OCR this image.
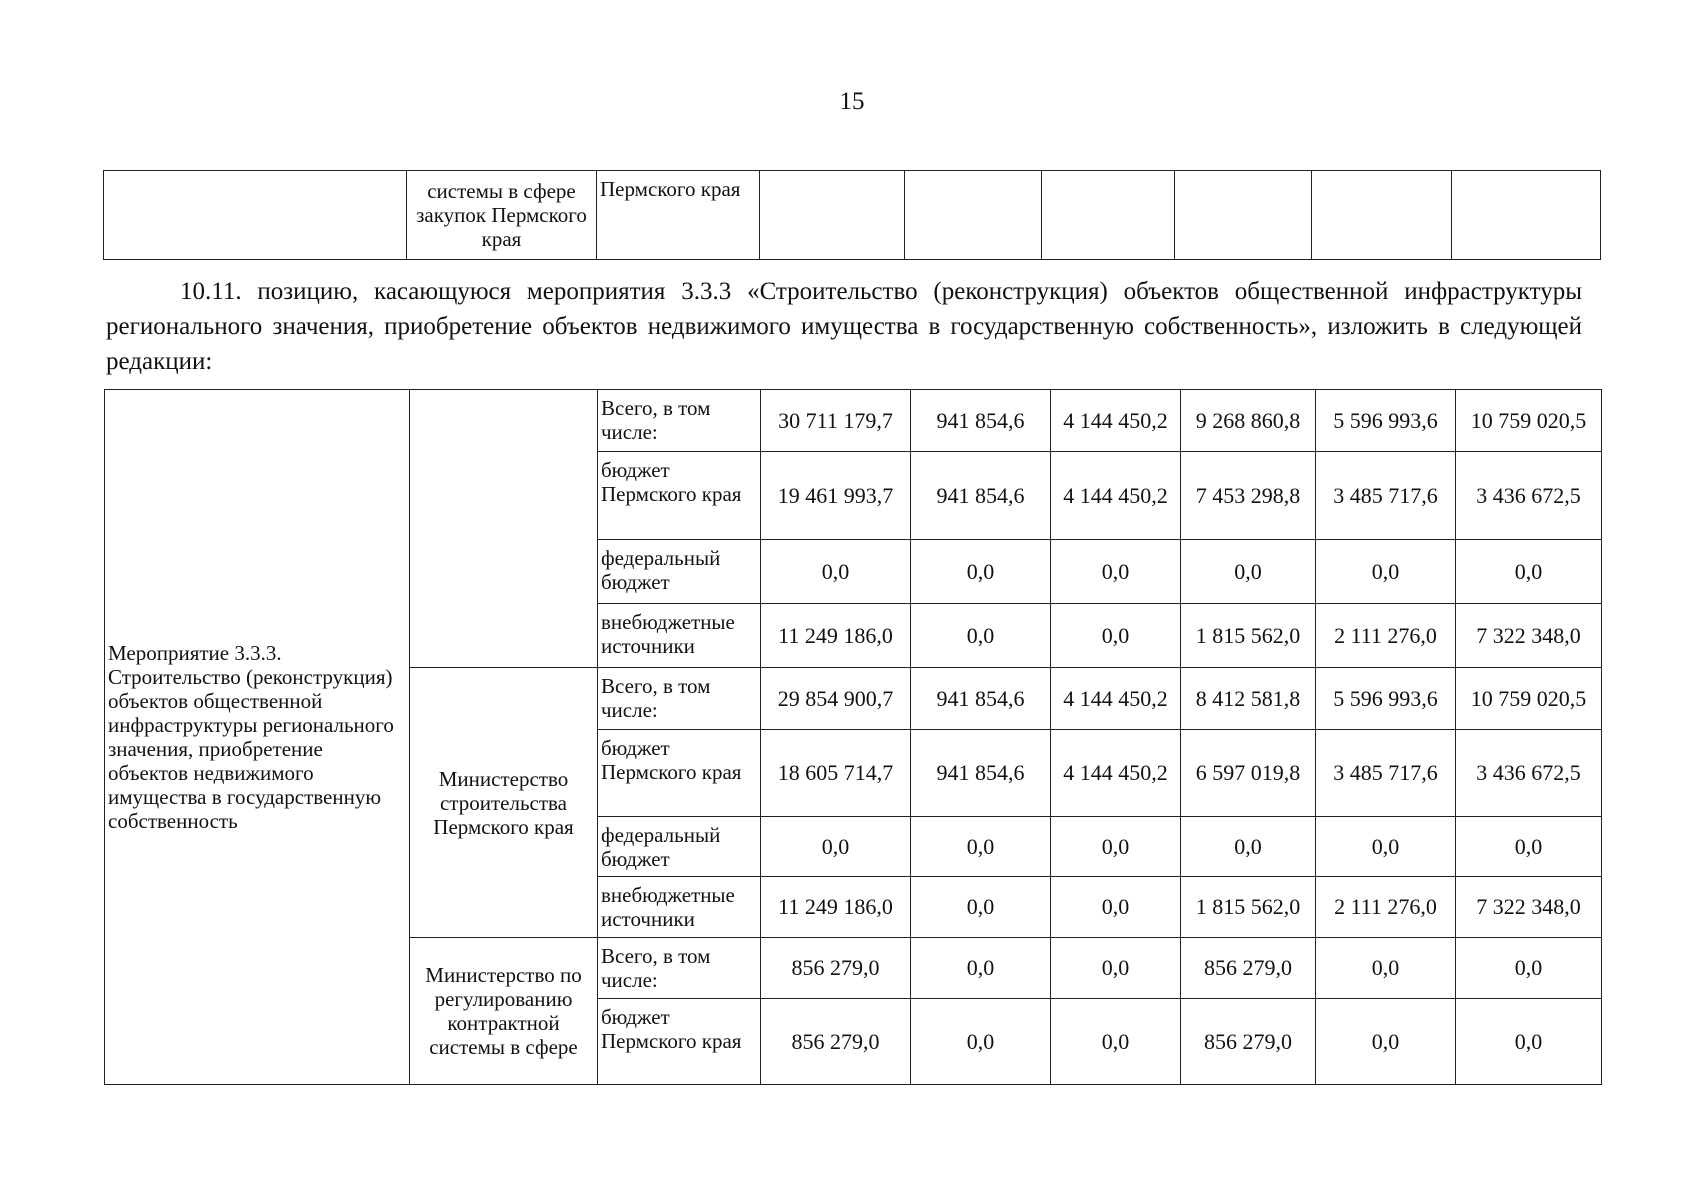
15
	системы в сфере закупок Пермского края	Пермского края						
10.11. позицию, касающуюся мероприятия 3.3.3 «Строительство (реконструкция) объектов общественной инфраструктуры регионального значения, приобретение объектов недвижимого имущества в государственную собственность», изложить в следующей редакции:
Мероприятие 3.3.3. Строительство (реконструкция) объектов общественной инфраструктуры регионального значения, приобретение объектов недвижимого имущества в государственную собственность		Всего, в том числе:	30 711 179,7	941 854,6	4 144 450,2	9 268 860,8	5 596 993,6	10 759 020,5
		бюджет Пермского края	19 461 993,7	941 854,6	4 144 450,2	7 453 298,8	3 485 717,6	3 436 672,5
		федеральный бюджет	0,0	0,0	0,0	0,0	0,0	0,0
		внебюджетные источники	11 249 186,0	0,0	0,0	1 815 562,0	2 111 276,0	7 322 348,0
	Министерство строительства Пермского края	Всего, в том числе:	29 854 900,7	941 854,6	4 144 450,2	8 412 581,8	5 596 993,6	10 759 020,5
		бюджет Пермского края	18 605 714,7	941 854,6	4 144 450,2	6 597 019,8	3 485 717,6	3 436 672,5
		федеральный бюджет	0,0	0,0	0,0	0,0	0,0	0,0
		внебюджетные источники	11 249 186,0	0,0	0,0	1 815 562,0	2 111 276,0	7 322 348,0
	Министерство по регулированию контрактной системы в сфере	Всего, в том числе:	856 279,0	0,0	0,0	856 279,0	0,0	0,0
		бюджет Пермского края	856 279,0	0,0	0,0	856 279,0	0,0	0,0
